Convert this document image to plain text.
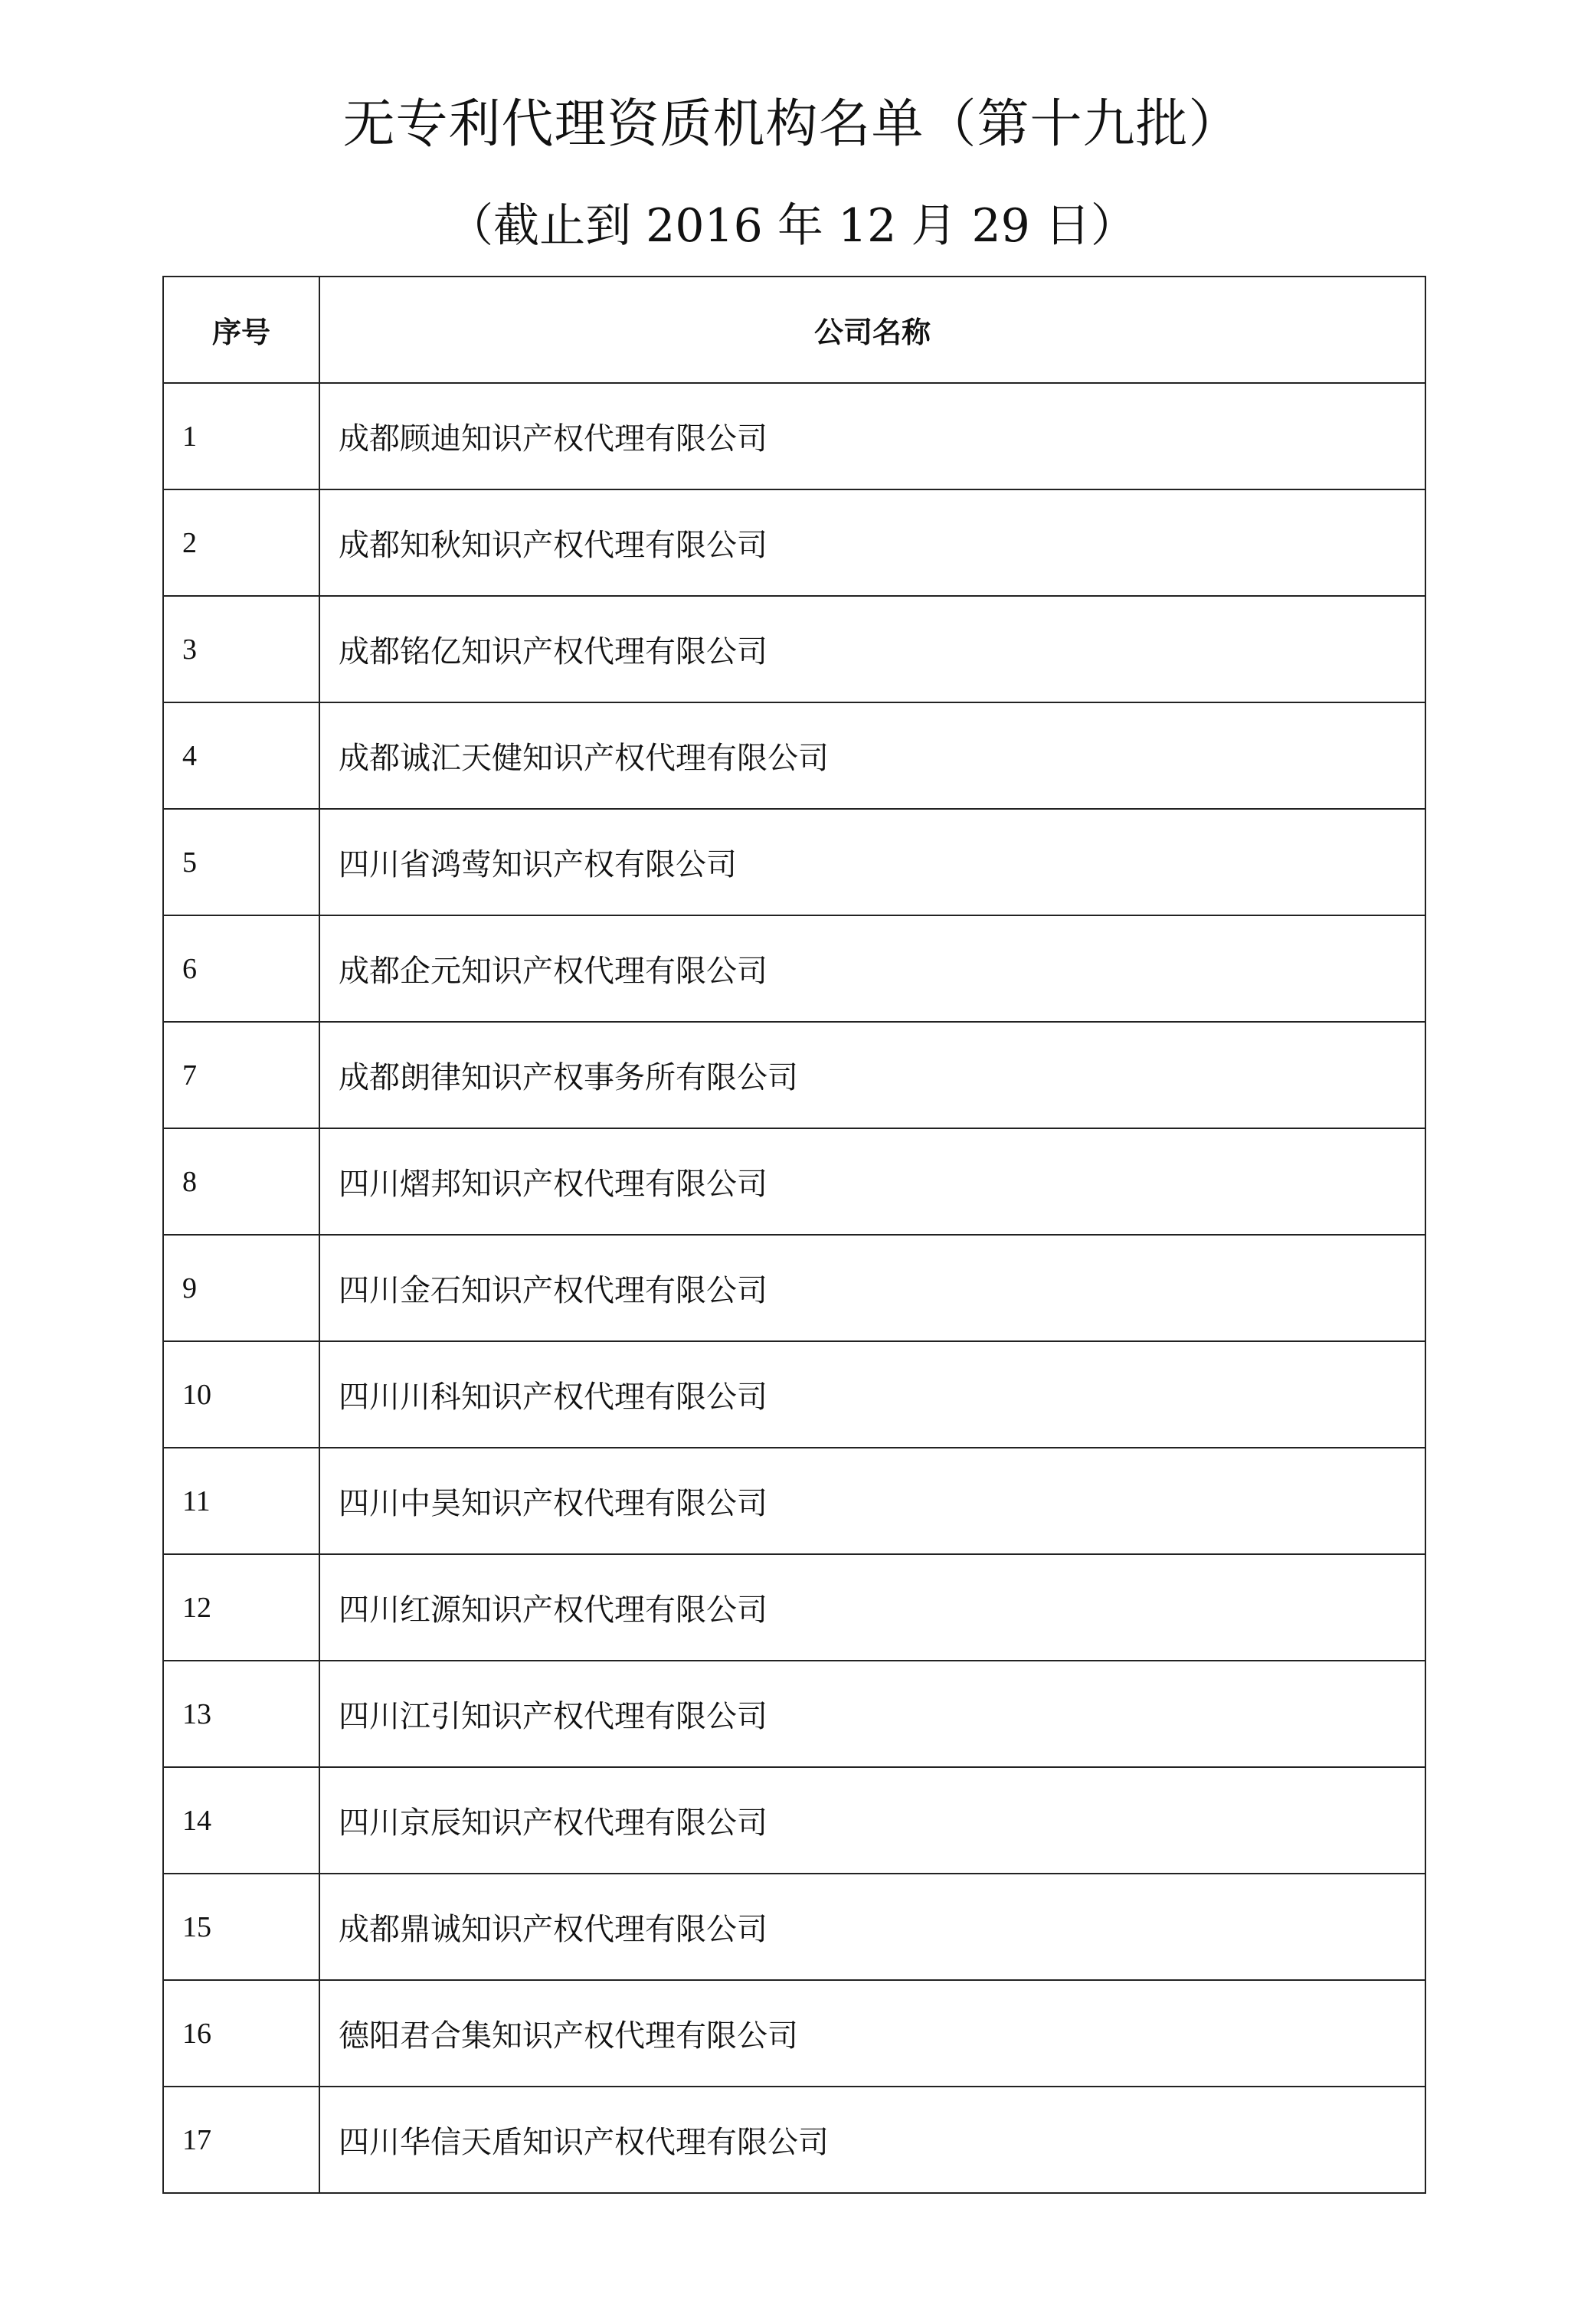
无专利代理资质机构名单（第十九批）

（截止到 2016 年 12 月 29 日）

序号	公司名称
1	成都顾迪知识产权代理有限公司
2	成都知秋知识产权代理有限公司
3	成都铭亿知识产权代理有限公司
4	成都诚汇天健知识产权代理有限公司
5	四川省鸿莺知识产权有限公司
6	成都企元知识产权代理有限公司
7	成都朗律知识产权事务所有限公司
8	四川熠邦知识产权代理有限公司
9	四川金石知识产权代理有限公司
10	四川川科知识产权代理有限公司
11	四川中昊知识产权代理有限公司
12	四川红源知识产权代理有限公司
13	四川江引知识产权代理有限公司
14	四川京辰知识产权代理有限公司
15	成都鼎诚知识产权代理有限公司
16	德阳君合集知识产权代理有限公司
17	四川华信天盾知识产权代理有限公司
